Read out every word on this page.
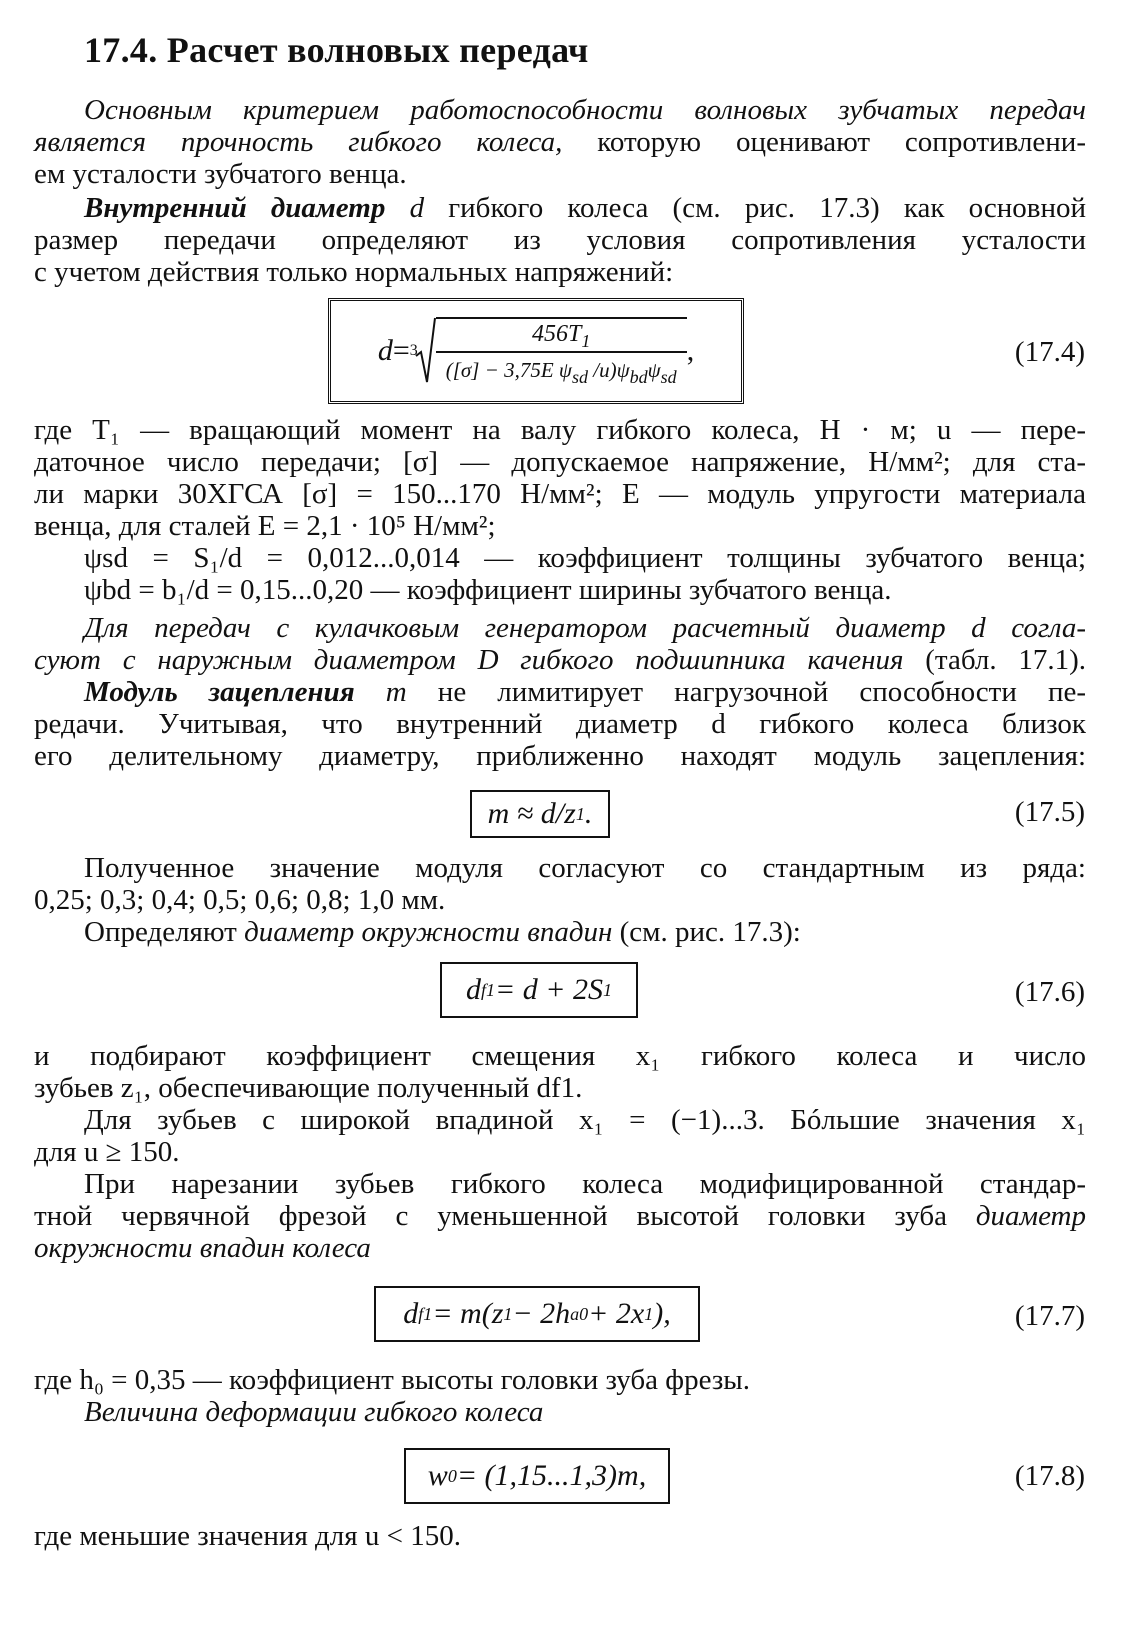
17.4. Расчет волновых передач
Основным критерием работоспособности волновых зубчатых передач
является прочность гибкого колеса, которую оценивают сопротивлени-
ем усталости зубчатого венца.
Внутренний диаметр d гибкого колеса (см. рис. 17.3) как основной
размер передачи определяют из условия сопротивления усталости
с учетом действия только нормальных напряжений:
$d = 3 \frac{456T_1}{([\sigma] - 3,75E \psi_{sd} /u)\psi_{bd}\psi_{sd}}$ ,	(17.4)
где T₁ — вращающий момент на валу гибкого колеса, Н · м; u — пере-
даточное число передачи; [σ] — допускаемое напряжение, Н/мм²; для ста-
ли марки 30ХГСА [σ] = 150...170 Н/мм²; E — модуль упругости материала
венца, для сталей E = 2,1 · 10⁵ Н/мм²;
ψsd = S₁/d = 0,012...0,014 — коэффициент толщины зубчатого венца;
ψbd = b₁/d = 0,15...0,20 — коэффициент ширины зубчатого венца.
Для передач с кулачковым генератором расчетный диаметр d согла-
суют с наружным диаметром D гибкого подшипника качения (табл. 17.1).
Модуль зацепления m не лимитирует нагрузочной способности пе-
редачи. Учитывая, что внутренний диаметр d гибкого колеса близок
его делительному диаметру, приближенно находят модуль зацепления:
m ≈ d/z 1 .	(17.5)
Полученное значение модуля согласуют со стандартным из ряда:
0,25; 0,3; 0,4; 0,5; 0,6; 0,8; 1,0 мм.
Определяют диаметр окружности впадин (см. рис. 17.3):
d f1 = d + 2S 1	(17.6)
и подбирают коэффициент смещения x₁ гибкого колеса и число
зубьев z₁, обеспечивающие полученный df1.
Для зубьев с широкой впадиной x₁ = (−1)...3. Бóльшие значения x₁
для u ≥ 150.
При нарезании зубьев гибкого колеса модифицированной стандар-
тной червячной фрезой с уменьшенной высотой головки зуба диаметр
окружности впадин колеса
d f1 = m(z 1 − 2h a0 + 2x 1 ),	(17.7)
где h₀ = 0,35 — коэффициент высоты головки зуба фрезы.
Величина деформации гибкого колеса
w 0 = (1,15...1,3)m,	(17.8)
где меньшие значения для u < 150.
